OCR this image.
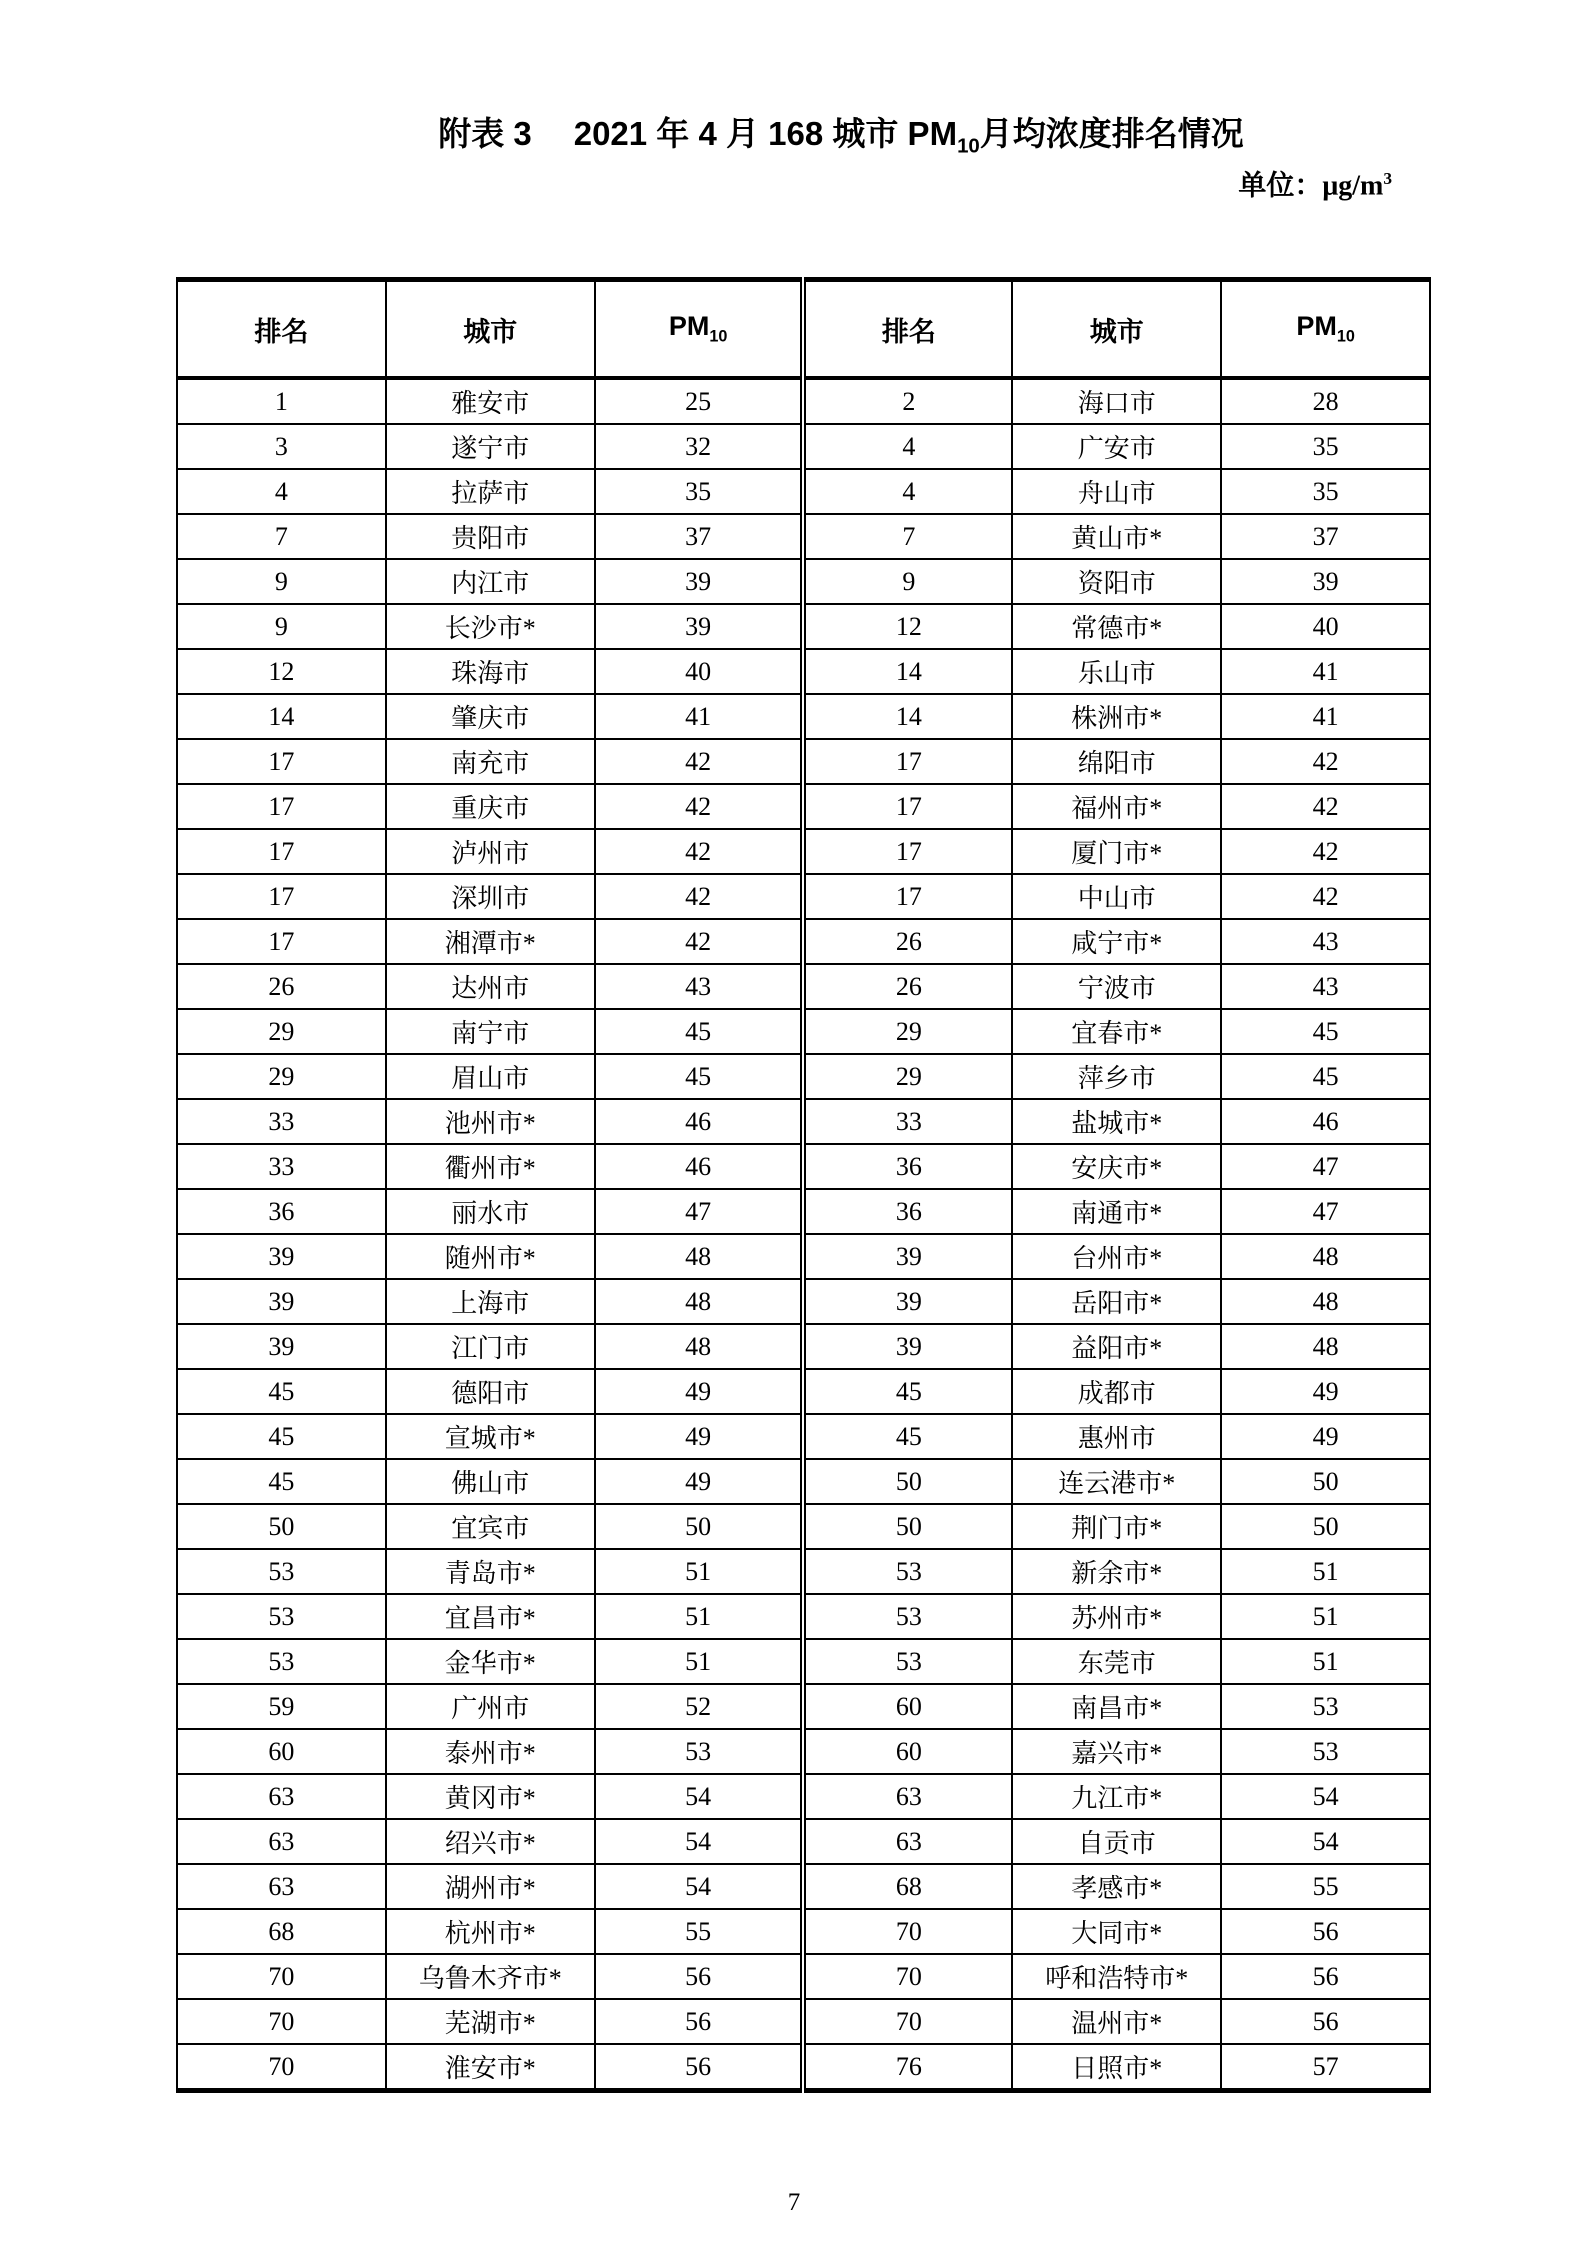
附表 3 2021 年 4 月 168 城市 $PM_{10}$月均浓度排名情况
单位：$\mu g/m^3$
排名	城市	$PM_{10}$	排名	城市	$PM_{10}$
1	雅安市	25	2	海口市	28
3	遂宁市	32	4	广安市	35
4	拉萨市	35	4	舟山市	35
7	贵阳市	37	7	黄山市*	37
9	内江市	39	9	资阳市	39
9	长沙市*	39	12	常德市*	40
12	珠海市	40	14	乐山市	41
14	肇庆市	41	14	株洲市*	41
17	南充市	42	17	绵阳市	42
17	重庆市	42	17	福州市*	42
17	泸州市	42	17	厦门市*	42
17	深圳市	42	17	中山市	42
17	湘潭市*	42	26	咸宁市*	43
26	达州市	43	26	宁波市	43
29	南宁市	45	29	宜春市*	45
29	眉山市	45	29	萍乡市	45
33	池州市*	46	33	盐城市*	46
33	衢州市*	46	36	安庆市*	47
36	丽水市	47	36	南通市*	47
39	随州市*	48	39	台州市*	48
39	上海市	48	39	岳阳市*	48
39	江门市	48	39	益阳市*	48
45	德阳市	49	45	成都市	49
45	宣城市*	49	45	惠州市	49
45	佛山市	49	50	连云港市*	50
50	宜宾市	50	50	荆门市*	50
53	青岛市*	51	53	新余市*	51
53	宜昌市*	51	53	苏州市*	51
53	金华市*	51	53	东莞市	51
59	广州市	52	60	南昌市*	53
60	泰州市*	53	60	嘉兴市*	53
63	黄冈市*	54	63	九江市*	54
63	绍兴市*	54	63	自贡市	54
63	湖州市*	54	68	孝感市*	55
68	杭州市*	55	70	大同市*	56
70	乌鲁木齐市*	56	70	呼和浩特市*	56
70	芜湖市*	56	70	温州市*	56
70	淮安市*	56	76	日照市*	57
7
